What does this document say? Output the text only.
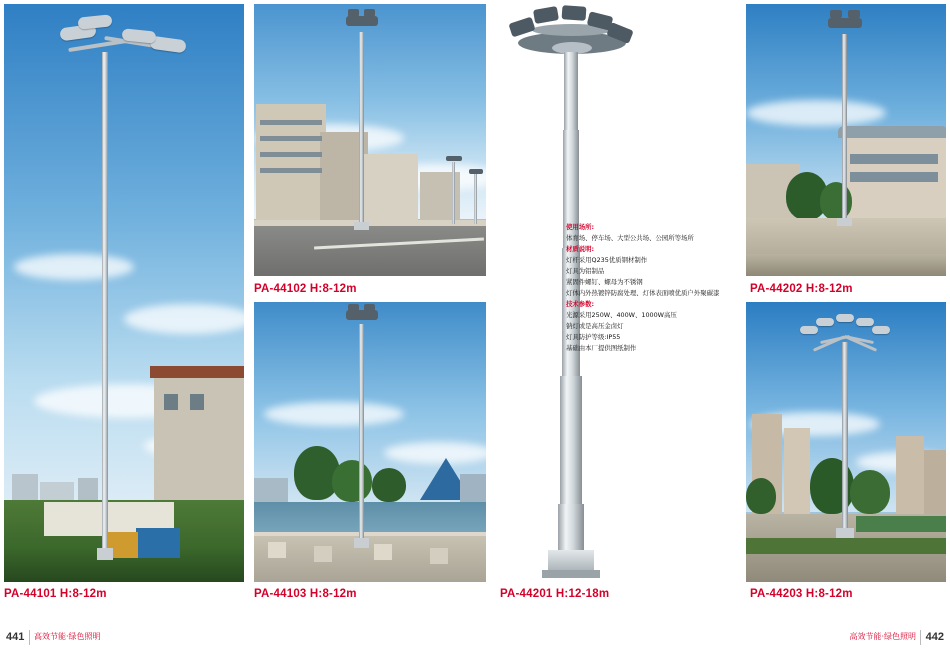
PA-44101 H:8-12m
PA-44102 H:8-12m
PA-44103 H:8-12m
使用场所:
体育场、停车场、大型公共场、公园所等场所
材质说明:
灯杆采用Q235优质钢材制作
灯具为铝制品
紧固件螺钉、螺母为不锈钢
灯体内外热镀锌防腐处理、灯体表面喷优质户外聚碳漆
技术参数:
光源采用250W、400W、1000W高压
钠灯或是高压金卤灯
灯具防护等级:IP55
基础由本厂提供图纸制作
PA-44201 H:12-18m
PA-44202 H:8-12m
PA-44203 H:8-12m
441 高效节能·绿色照明	442
高效节能·绿色照明
